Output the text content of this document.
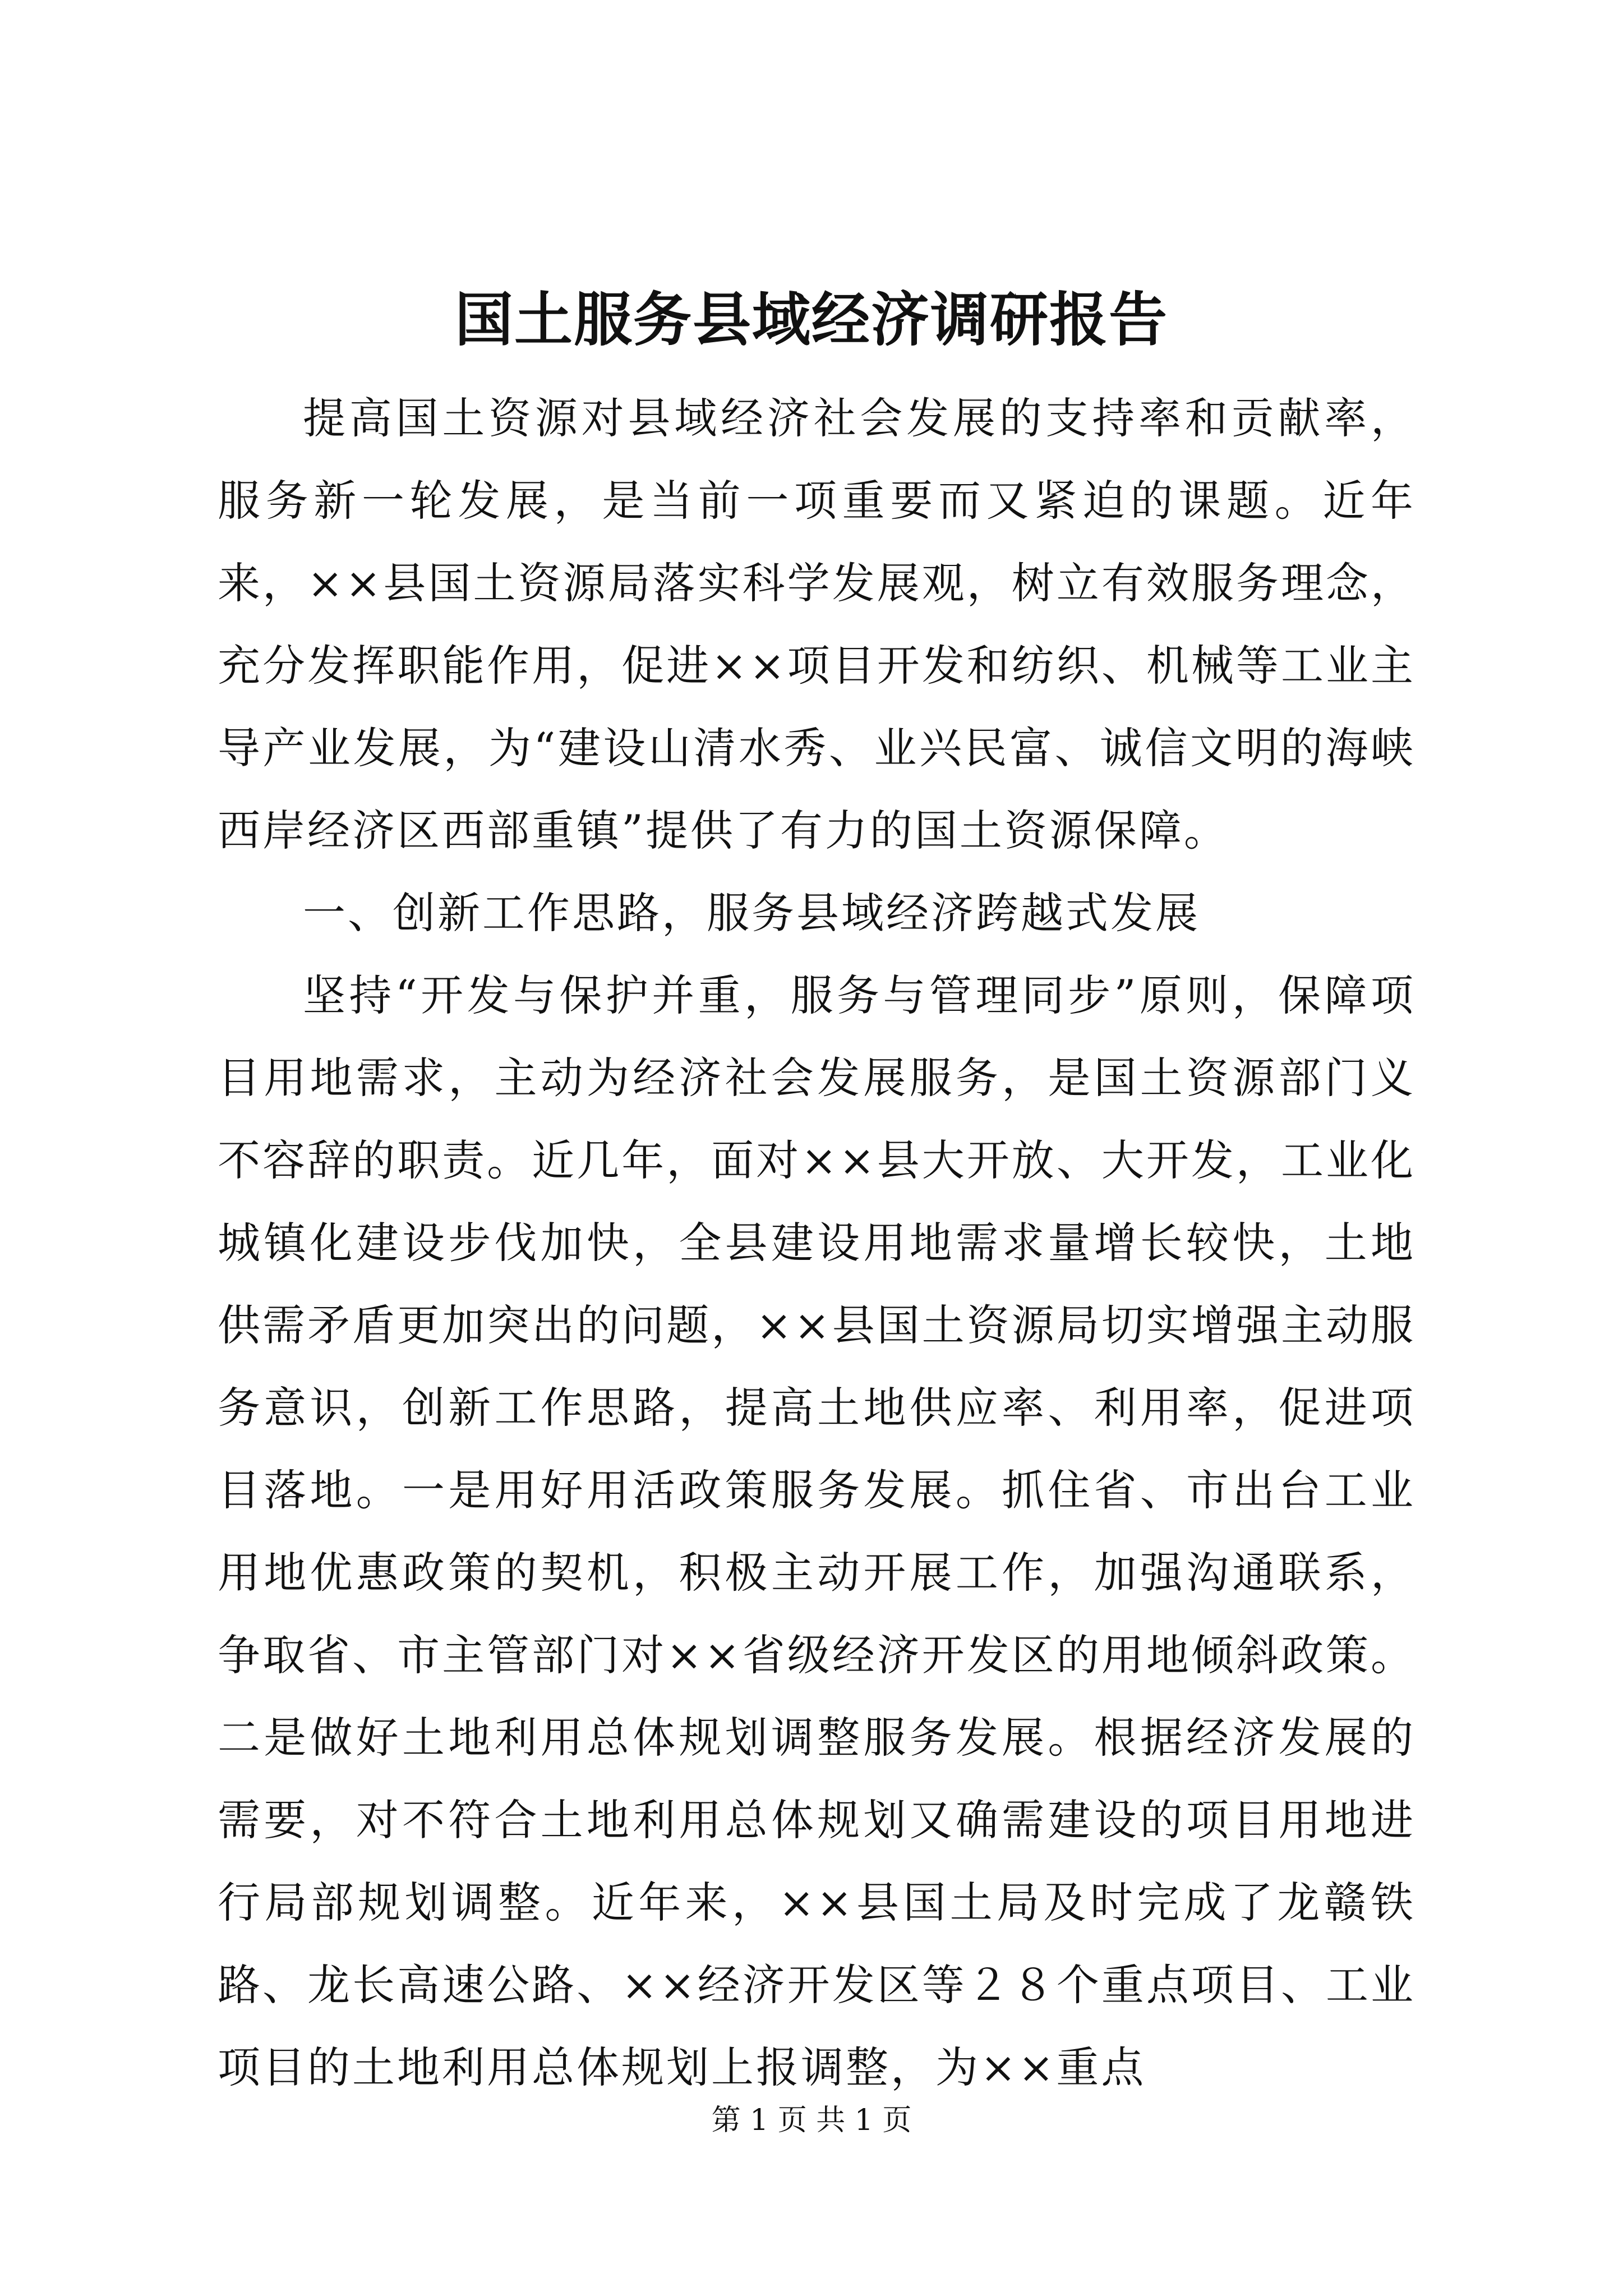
国土服务县域经济调研报告

提高国土资源对县域经济社会发展的支持率和贡献率，服务新一轮发展，是当前一项重要而又紧迫的课题。近年来，××县国土资源局落实科学发展观，树立有效服务理念，充分发挥职能作用，促进××项目开发和纺织、机械等工业主导产业发展，为“建设山清水秀、业兴民富、诚信文明的海峡西岸经济区西部重镇”提供了有力的国土资源保障。

一、创新工作思路，服务县域经济跨越式发展

坚持“开发与保护并重，服务与管理同步”原则，保障项目用地需求，主动为经济社会发展服务，是国土资源部门义不容辞的职责。近几年，面对××县大开放、大开发，工业化城镇化建设步伐加快，全县建设用地需求量增长较快，土地供需矛盾更加突出的问题，××县国土资源局切实增强主动服务意识，创新工作思路，提高土地供应率、利用率，促进项目落地。一是用好用活政策服务发展。抓住省、市出台工业用地优惠政策的契机，积极主动开展工作，加强沟通联系，争取省、市主管部门对××省级经济开发区的用地倾斜政策。二是做好土地利用总体规划调整服务发展。根据经济发展的需要，对不符合土地利用总体规划又确需建设的项目用地进行局部规划调整。近年来，××县国土局及时完成了龙赣铁路、龙长高速公路、××经济开发区等２８个重点项目、工业项目的土地利用总体规划上报调整，为××重点

第 1 页 共 1 页
